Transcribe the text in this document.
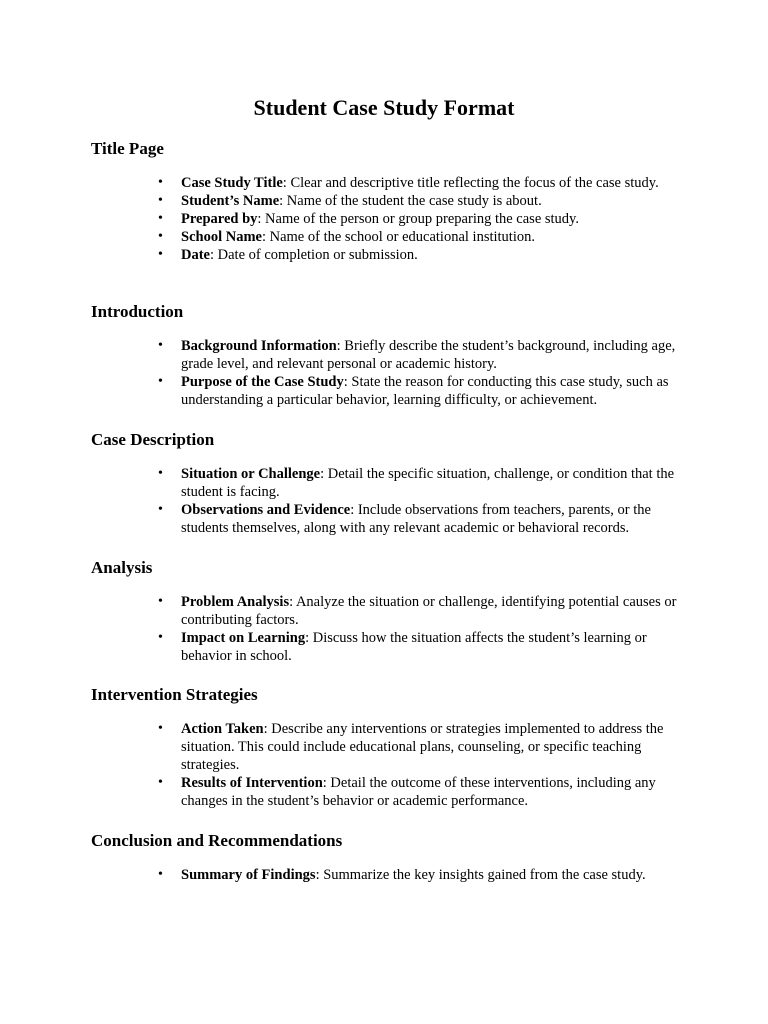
Student Case Study Format
Title Page
• Case Study Title: Clear and descriptive title reflecting the focus of the case study.
• Student’s Name: Name of the student the case study is about.
• Prepared by: Name of the person or group preparing the case study.
• School Name: Name of the school or educational institution.
• Date: Date of completion or submission.
Introduction
• Background Information: Briefly describe the student’s background, including age, grade level, and relevant personal or academic history.
• Purpose of the Case Study: State the reason for conducting this case study, such as understanding a particular behavior, learning difficulty, or achievement.
Case Description
• Situation or Challenge: Detail the specific situation, challenge, or condition that the student is facing.
• Observations and Evidence: Include observations from teachers, parents, or the students themselves, along with any relevant academic or behavioral records.
Analysis
• Problem Analysis: Analyze the situation or challenge, identifying potential causes or contributing factors.
• Impact on Learning: Discuss how the situation affects the student’s learning or behavior in school.
Intervention Strategies
• Action Taken: Describe any interventions or strategies implemented to address the situation. This could include educational plans, counseling, or specific teaching strategies.
• Results of Intervention: Detail the outcome of these interventions, including any changes in the student’s behavior or academic performance.
Conclusion and Recommendations
• Summary of Findings: Summarize the key insights gained from the case study.
